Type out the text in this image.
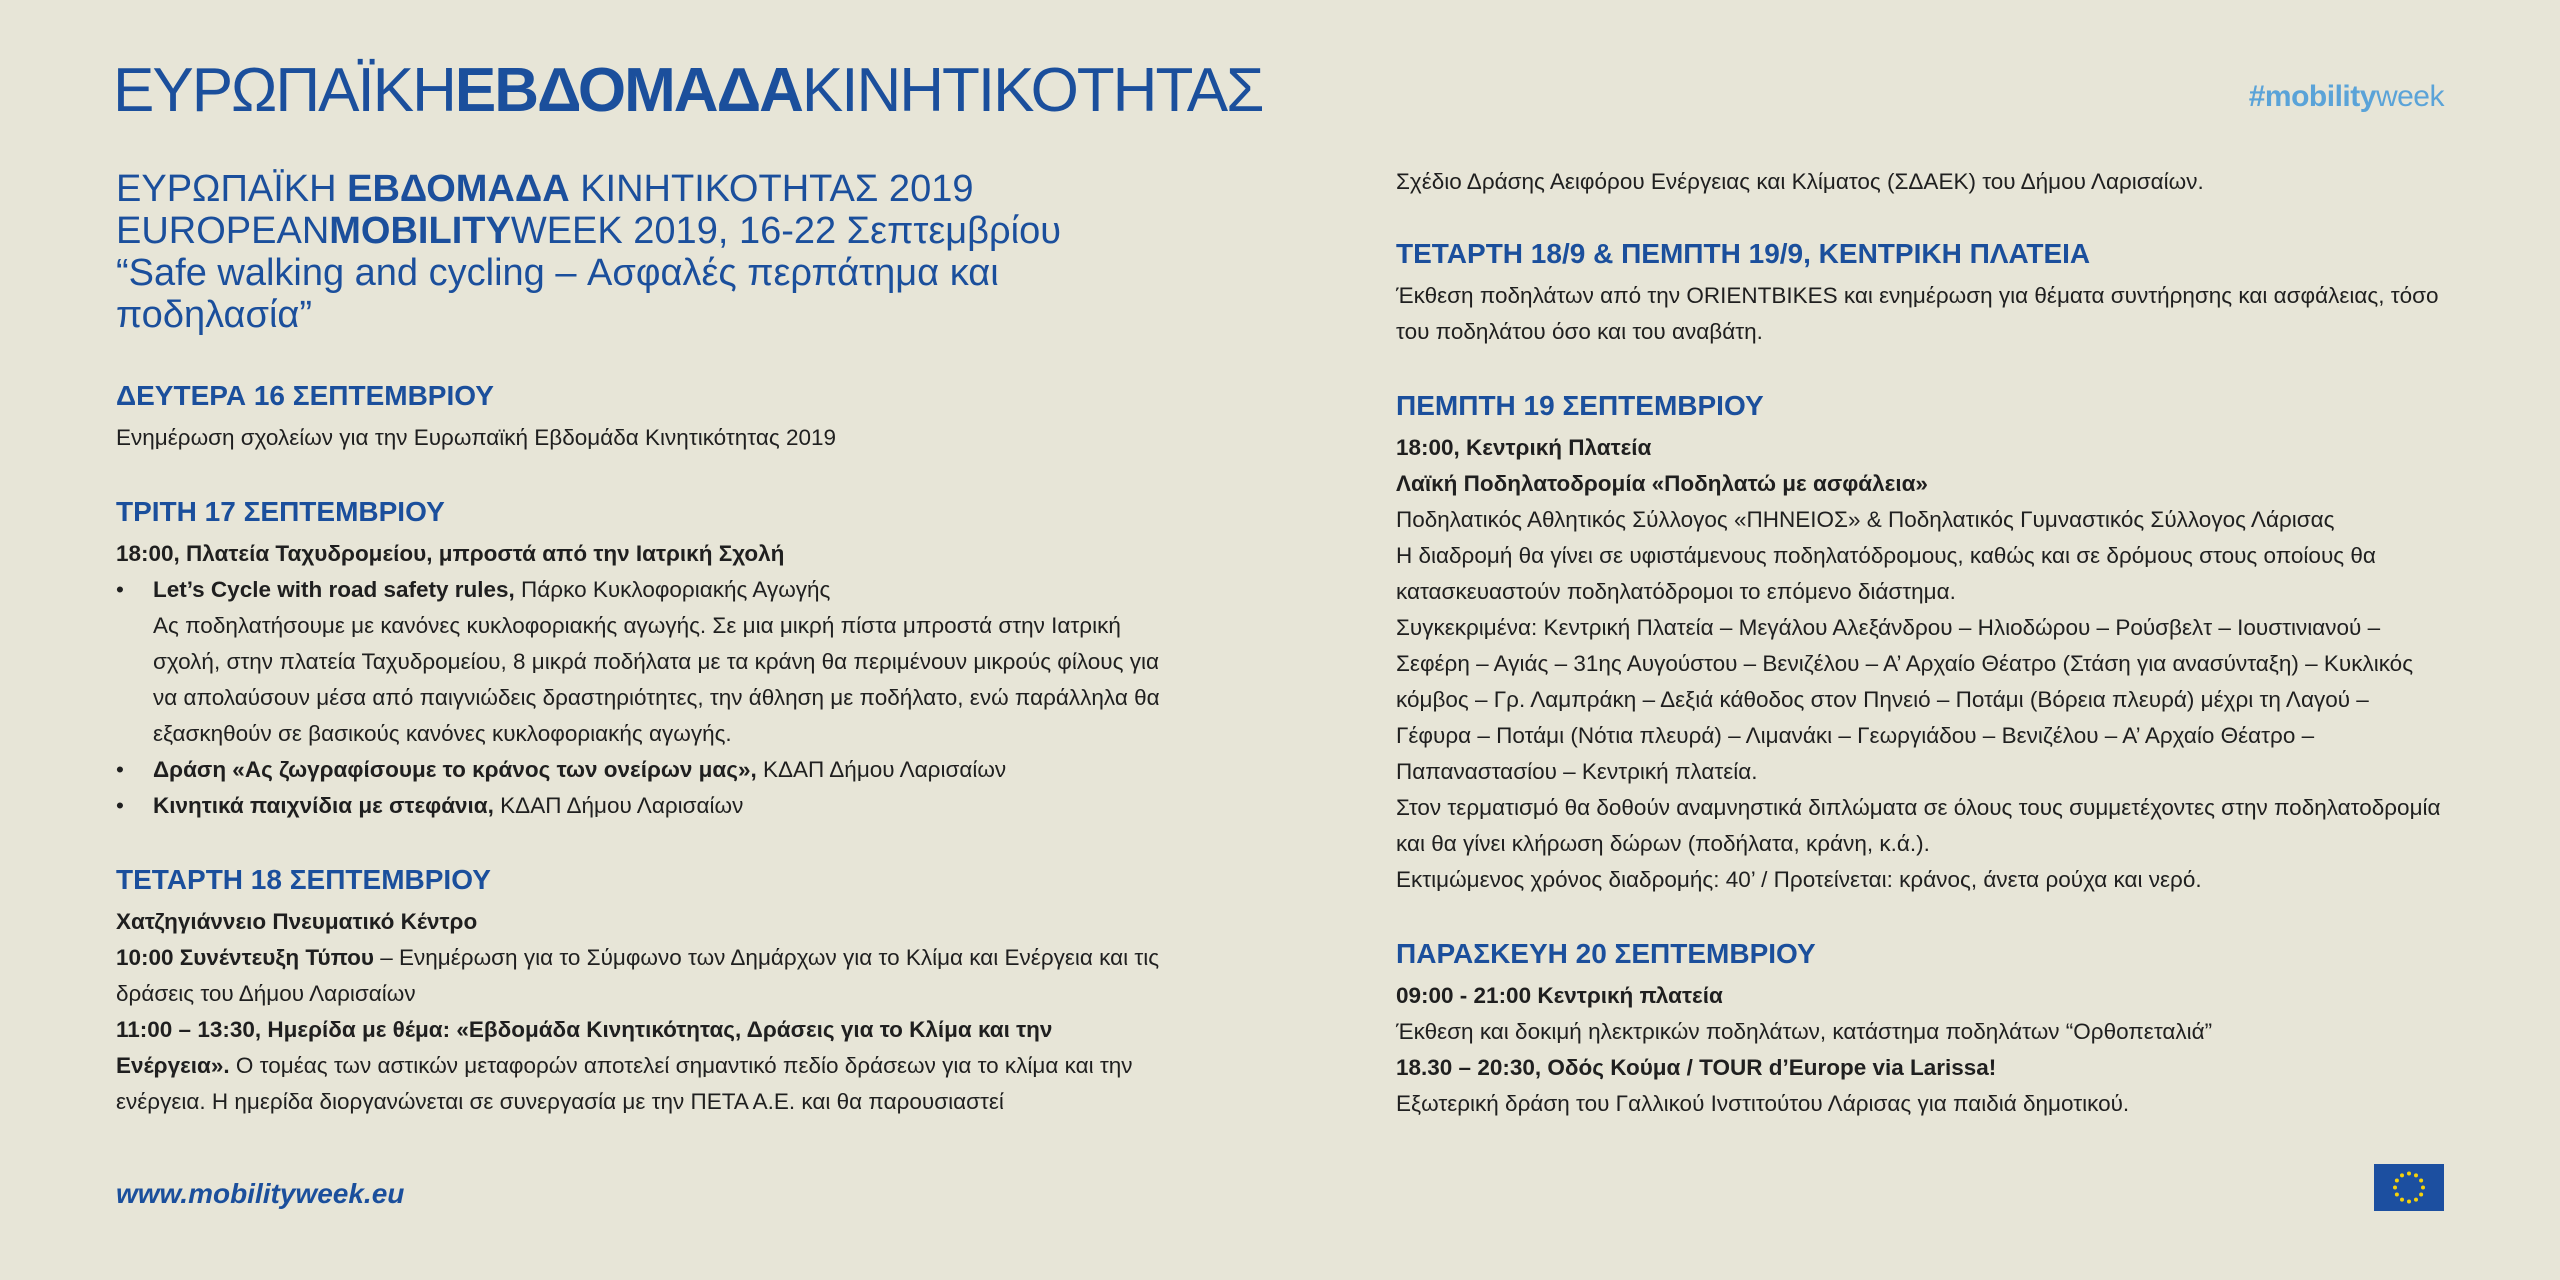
ΕΥΡΩΠΑΪΚΗΕΒΔΟΜΑΔΑΚΙΝΗΤΙΚΟΤΗΤΑΣ	#mobilityweek
ΕΥΡΩΠΑΪΚΗ ΕΒΔΟΜΑΔΑ ΚΙΝΗΤΙΚΟΤΗΤΑΣ 2019
EUROPEANMOBILITYWEEK 2019, 16-22 Σεπτεμβρίου
“Safe walking and cycling – Ασφαλές περπάτημα και ποδηλασία”
ΔΕΥΤΕΡΑ 16 ΣΕΠΤΕΜΒΡΙΟΥ
Ενημέρωση σχολείων για την Ευρωπαϊκή Εβδομάδα Κινητικότητας 2019
ΤΡΙΤΗ 17 ΣΕΠΤΕΜΒΡΙΟΥ
18:00, Πλατεία Ταχυδρομείου, μπροστά από την Ιατρική Σχολή
• Let’s Cycle with road safety rules, Πάρκο Κυκλοφοριακής Αγωγής
Ας ποδηλατήσουμε με κανόνες κυκλοφοριακής αγωγής. Σε μια μικρή πίστα μπροστά στην Ιατρική σχολή, στην πλατεία Ταχυδρομείου, 8 μικρά ποδήλατα με τα κράνη θα περιμένουν μικρούς φίλους για να απολαύσουν μέσα από παιγνιώδεις δραστηριότητες, την άθληση με ποδήλατο, ενώ παράλληλα θα εξασκηθούν σε βασικούς κανόνες κυκλοφοριακής αγωγής.
• Δράση «Ας ζωγραφίσουμε το κράνος των ονείρων μας», ΚΔΑΠ Δήμου Λαρισαίων
• Κινητικά παιχνίδια με στεφάνια, ΚΔΑΠ Δήμου Λαρισαίων
ΤΕΤΑΡΤΗ 18 ΣΕΠΤΕΜΒΡΙΟΥ
Χατζηγιάννειο Πνευματικό Κέντρο
10:00 Συνέντευξη Τύπου – Ενημέρωση για το Σύμφωνο των Δημάρχων για το Κλίμα και Ενέργεια και τις δράσεις του Δήμου Λαρισαίων
11:00 – 13:30, Ημερίδα με θέμα: «Εβδομάδα Κινητικότητας, Δράσεις για το Κλίμα και την Ενέργεια». Ο τομέας των αστικών μεταφορών αποτελεί σημαντικό πεδίο δράσεων για το κλίμα και την ενέργεια. Η ημερίδα διοργανώνεται σε συνεργασία με την ΠΕΤΑ Α.Ε. και θα παρουσιαστεί
Σχέδιο Δράσης Αειφόρου Ενέργειας και Κλίματος (ΣΔΑΕΚ) του Δήμου Λαρισαίων.
ΤΕΤΑΡΤΗ 18/9 & ΠΕΜΠΤΗ 19/9, ΚΕΝΤΡΙΚΗ ΠΛΑΤΕΙΑ
Έκθεση ποδηλάτων από την ORIENTBIKES και ενημέρωση για θέματα συντήρησης και ασφάλειας, τόσο του ποδηλάτου όσο και του αναβάτη.
ΠΕΜΠΤΗ 19 ΣΕΠΤΕΜΒΡΙΟΥ
18:00, Κεντρική Πλατεία
Λαϊκή Ποδηλατοδρομία «Ποδηλατώ με ασφάλεια»
Ποδηλατικός Αθλητικός Σύλλογος «ΠΗΝΕΙΟΣ» & Ποδηλατικός Γυμναστικός Σύλλογος Λάρισας
Η διαδρομή θα γίνει σε υφιστάμενους ποδηλατόδρομους, καθώς και σε δρόμους στους οποίους θα κατασκευαστούν ποδηλατόδρομοι το επόμενο διάστημα.
Συγκεκριμένα: Κεντρική Πλατεία – Μεγάλου Αλεξάνδρου – Ηλιοδώρου – Ρούσβελτ – Ιουστινιανού – Σεφέρη – Αγιάς – 31ης Αυγούστου – Βενιζέλου – Α’ Αρχαίο Θέατρο (Στάση για ανασύνταξη) – Κυκλικός κόμβος – Γρ. Λαμπράκη – Δεξιά κάθοδος στον Πηνειό – Ποτάμι (Βόρεια πλευρά) μέχρι τη Λαγού – Γέφυρα – Ποτάμι (Νότια πλευρά) – Λιμανάκι – Γεωργιάδου – Βενιζέλου – Α’ Αρχαίο Θέατρο – Παπαναστασίου – Κεντρική πλατεία.
Στον τερματισμό θα δοθούν αναμνηστικά διπλώματα σε όλους τους συμμετέχοντες στην ποδηλατοδρομία και θα γίνει κλήρωση δώρων (ποδήλατα, κράνη, κ.ά.).
Εκτιμώμενος χρόνος διαδρομής: 40’ / Προτείνεται: κράνος, άνετα ρούχα και νερό.
ΠΑΡΑΣΚΕΥΗ 20 ΣΕΠΤΕΜΒΡΙΟΥ
09:00 - 21:00 Κεντρική πλατεία
Έκθεση και δοκιμή ηλεκτρικών ποδηλάτων, κατάστημα ποδηλάτων “Ορθοπεταλιά”
18.30 – 20:30, Οδός Κούμα / TOUR d’Europe via Larissa!
Εξωτερική δράση του Γαλλικού Ινστιτούτου Λάρισας για παιδιά δημοτικού.
www.mobilityweek.eu
